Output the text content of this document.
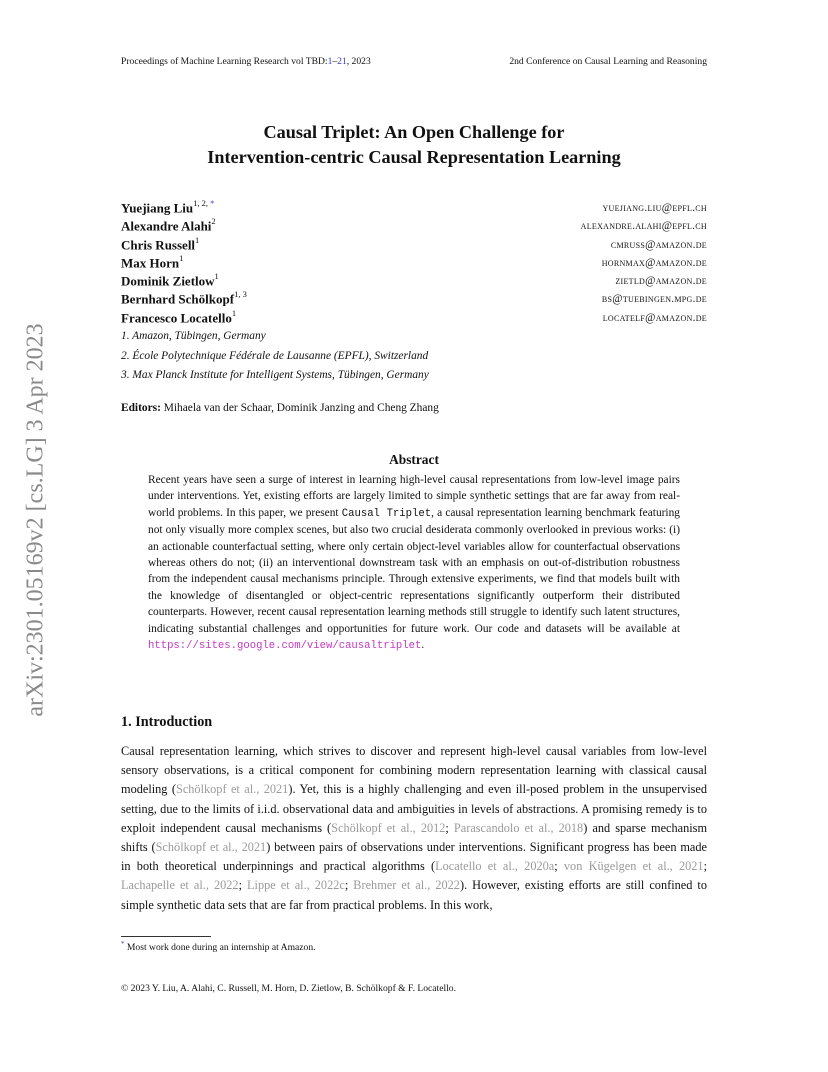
Proceedings of Machine Learning Research vol TBD:1–21, 2023	2nd Conference on Causal Learning and Reasoning
arXiv:2301.05169v2 [cs.LG] 3 Apr 2023
Causal Triplet: An Open Challenge for
Intervention-centric Causal Representation Learning
Yuejiang Liu$^{1, 2, *}$	yuejiang.liu@epfl.ch
Alexandre Alahi$^2$	alexandre.alahi@epfl.ch
Chris Russell$^1$	cmruss@amazon.de
Max Horn$^1$	hornmax@amazon.de
Dominik Zietlow$^1$	zietld@amazon.de
Bernhard Schölkopf$^{1, 3}$	bs@tuebingen.mpg.de
Francesco Locatello$^1$	locatelf@amazon.de
1. Amazon, Tübingen, Germany
2. École Polytechnique Fédérale de Lausanne (EPFL), Switzerland
3. Max Planck Institute for Intelligent Systems, Tübingen, Germany
Editors: Mihaela van der Schaar, Dominik Janzing and Cheng Zhang
Abstract
Recent years have seen a surge of interest in learning high-level causal representations from low-level image pairs under interventions. Yet, existing efforts are largely limited to simple synthetic settings that are far away from real-world problems. In this paper, we present Causal Triplet, a causal representation learning benchmark featuring not only visually more complex scenes, but also two crucial desiderata commonly overlooked in previous works: (i) an actionable counterfactual setting, where only certain object-level variables allow for counterfactual observations whereas others do not; (ii) an interventional downstream task with an emphasis on out-of-distribution robustness from the independent causal mechanisms principle. Through extensive experiments, we find that models built with the knowledge of disentangled or object-centric representations significantly outperform their distributed counterparts. However, recent causal representation learning methods still struggle to identify such latent structures, indicating substantial challenges and opportunities for future work. Our code and datasets will be available at https://sites.google.com/view/causaltriplet.
1. Introduction
Causal representation learning, which strives to discover and represent high-level causal variables from low-level sensory observations, is a critical component for combining modern representation learning with classical causal modeling (Schölkopf et al., 2021). Yet, this is a highly challenging and even ill-posed problem in the unsupervised setting, due to the limits of i.i.d. observational data and ambiguities in levels of abstractions. A promising remedy is to exploit independent causal mechanisms (Schölkopf et al., 2012; Parascandolo et al., 2018) and sparse mechanism shifts (Schölkopf et al., 2021) between pairs of observations under interventions. Significant progress has been made in both theoretical underpinnings and practical algorithms (Locatello et al., 2020a; von Kügelgen et al., 2021; Lachapelle et al., 2022; Lippe et al., 2022c; Brehmer et al., 2022). However, existing efforts are still confined to simple synthetic data sets that are far from practical problems. In this work,
* Most work done during an internship at Amazon.
© 2023 Y. Liu, A. Alahi, C. Russell, M. Horn, D. Zietlow, B. Schölkopf & F. Locatello.
